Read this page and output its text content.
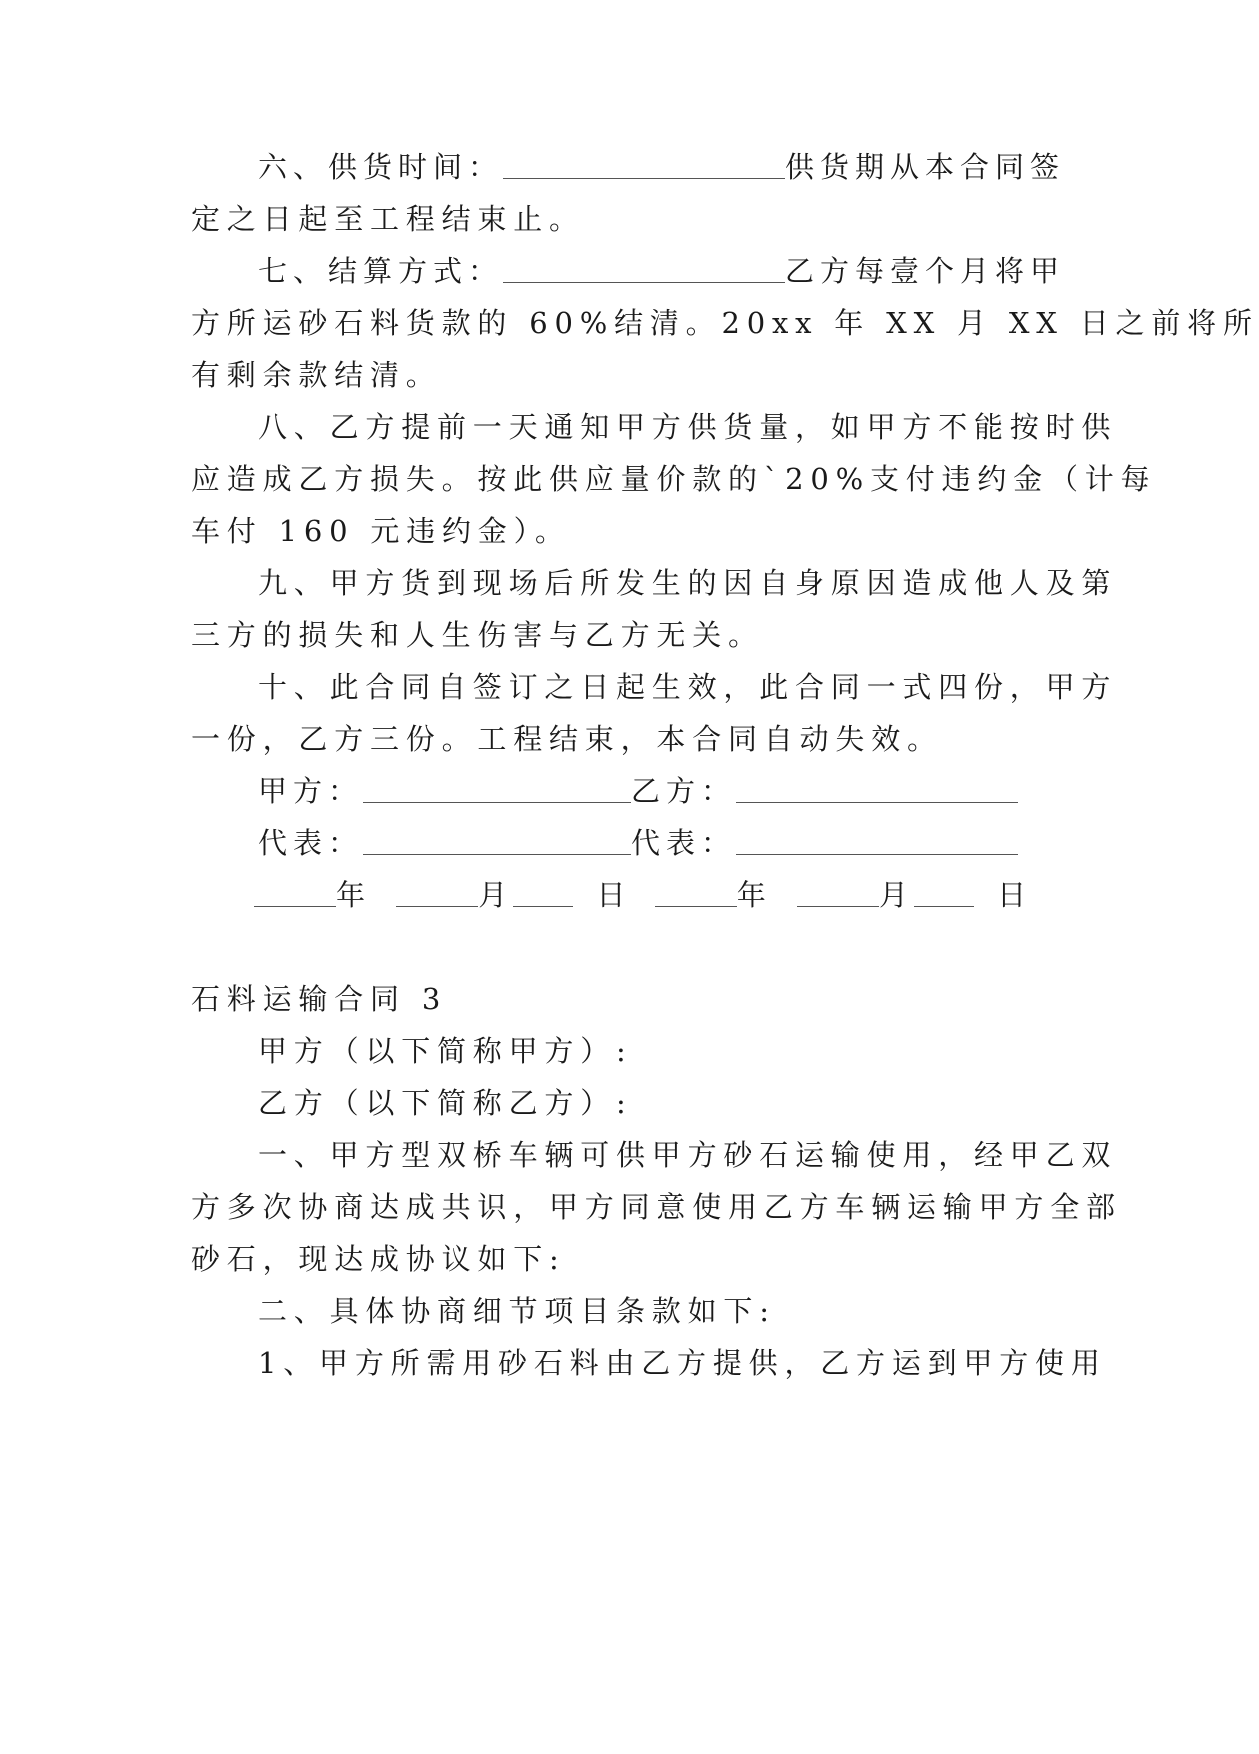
六、供货时间：	供货期从本合同签
定之日起至工程结束止。
七、结算方式：	乙方每壹个月将甲
方所运砂石料货款的 60%结清。20xx 年 XX 月 XX 日之前将所
有剩余款结清。
八、乙方提前一天通知甲方供货量，如甲方不能按时供
应造成乙方损失。按此供应量价款的`20%支付违约金（计每
车付 160 元违约金）。
九、甲方货到现场后所发生的因自身原因造成他人及第
三方的损失和人生伤害与乙方无关。
十、此合同自签订之日起生效，此合同一式四份，甲方
一份，乙方三份。工程结束，本合同自动失效。
甲方：	乙方：
代表：	代表：
年	月	日	年	月	日
石料运输合同 3
甲方（以下简称甲方）:
乙方（以下简称乙方）:
一、甲方型双桥车辆可供甲方砂石运输使用，经甲乙双
方多次协商达成共识，甲方同意使用乙方车辆运输甲方全部
砂石，现达成协议如下:
二、具体协商细节项目条款如下:
1、甲方所需用砂石料由乙方提供，乙方运到甲方使用
